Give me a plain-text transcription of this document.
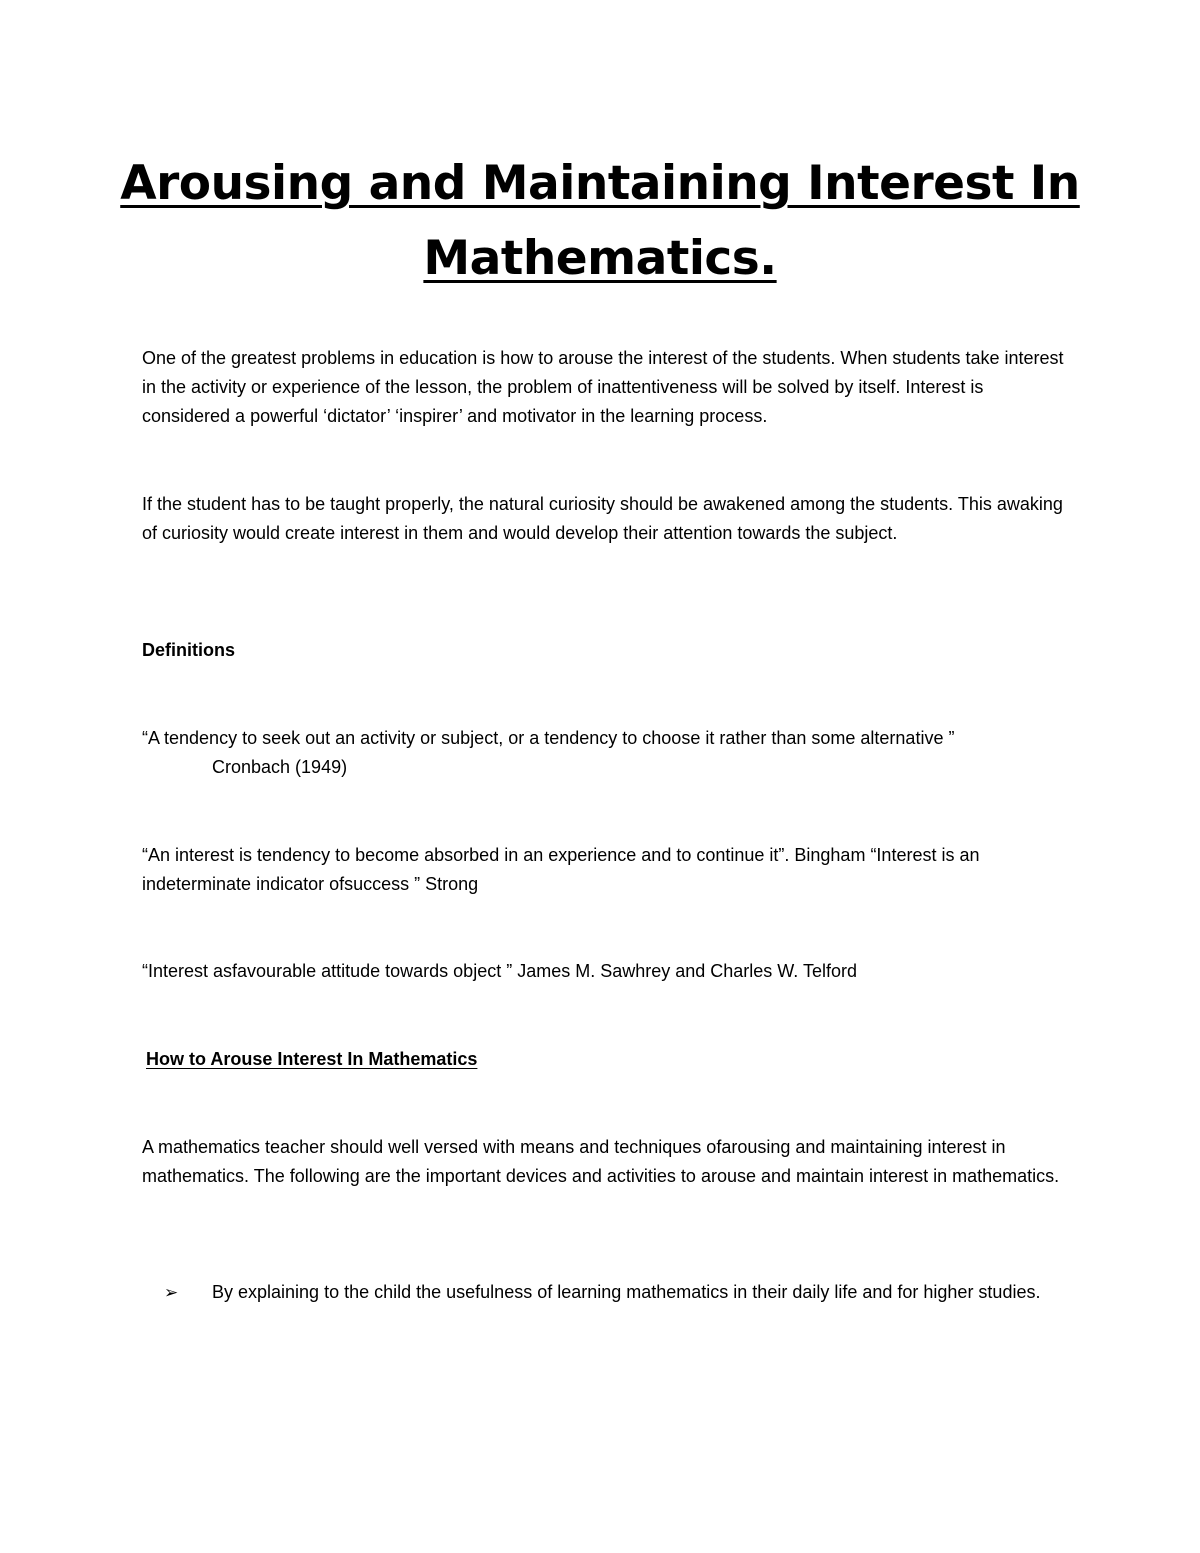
Arousing and Maintaining Interest In
Mathematics.

One of the greatest problems in education is how to arouse the interest of the students. When students take interest in the activity or experience of the lesson, the problem of inattentiveness will be solved by itself. Interest is considered a powerful ‘dictator’ ‘inspirer’ and motivator in the learning process.

If the student has to be taught properly, the natural curiosity should be awakened among the students. This awaking of curiosity would create interest in them and would develop their attention towards the subject.

Definitions

“A tendency to seek out an activity or subject, or a tendency to choose it rather than some alternative ”
Cronbach (1949)

“An interest is tendency to become absorbed in an experience and to continue it”. Bingham “Interest is an indeterminate indicator ofsuccess ” Strong

“Interest asfavourable attitude towards object ” James M. Sawhrey and Charles W. Telford

How to Arouse Interest In Mathematics

A mathematics teacher should well versed with means and techniques ofarousing and maintaining interest in mathematics. The following are the important devices and activities to arouse and maintain interest in mathematics.

➢ By explaining to the child the usefulness of learning mathematics in their daily life and for higher studies.
